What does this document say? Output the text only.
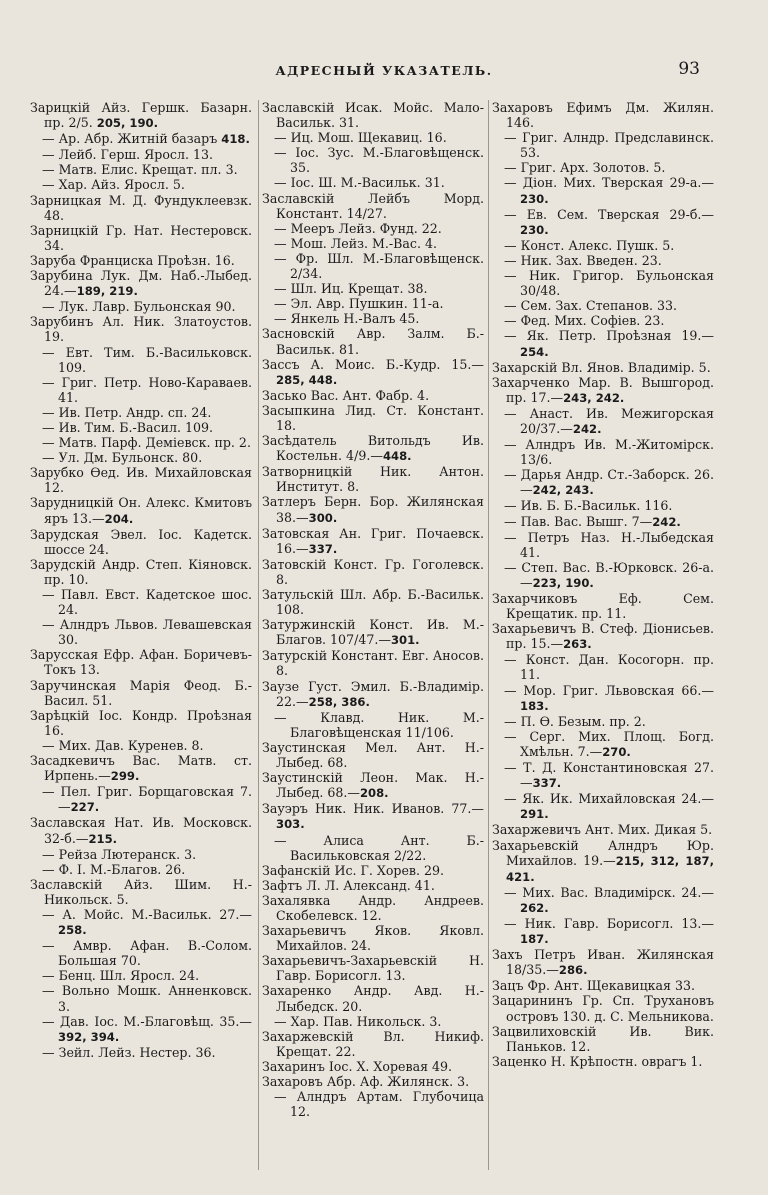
АДРЕСНЫЙ УКАЗАТЕЛЬ.	93
Зарицкій Айз. Гершк. Базарн. пр. 2/5. 205, 190.
— Ар. Абр. Житній базаръ 418.
— Лейб. Герш. Яросл. 13.
— Матв. Елис. Крещат. пл. 3.
— Хар. Айз. Яросл. 5.
Зарницкая М. Д. Фундуклеевзк. 48.
Зарницкій Гр. Нат. Нестеровск. 34.
Заруба Франциска Проѣзн. 16.
Зарубина Лук. Дм. Наб.-Лыбед. 24.—189, 219.
— Лук. Лавр. Бульонская 90.
Зарубинъ Ал. Ник. Златоустов. 19.
— Евт. Тим. Б.-Васильковск. 109.
— Григ. Петр. Ново-Караваев. 41.
— Ив. Петр. Андр. сп. 24.
— Ив. Тим. Б.-Васил. 109.
— Матв. Парф. Деміевск. пр. 2.
— Ул. Дм. Бульонск. 80.
Зарубко Өед. Ив. Михайловская 12.
Зарудницкій Он. Алекс. Кмитовъ яръ 13.—204.
Зарудская Эвел. Іос. Кадетск. шоссе 24.
Зарудскій Андр. Степ. Кіяновск. пр. 10.
— Павл. Евст. Кадетское шос. 24.
— Алндръ Львов. Левашевская 30.
Зарусская Ефр. Афан. Боричевъ-Токъ 13.
Заручинская Марія Феод. Б.-Васил. 51.
Зарѣцкій Іос. Кондр. Проѣзная 16.
— Мих. Дав. Куренев. 8.
Засадкевичъ Вас. Матв. ст. Ирпень.—299.
— Пел. Григ. Борщаговская 7.—227.
Заславская Нат. Ив. Московск. 32-б.—215.
— Рейза Лютеранск. 3.
— Ф. I. М.-Благов. 26.
Заславскій Айз. Шим. Н.-Никольск. 5.
— А. Мойс. М.-Васильк. 27.—258.
— Амвр. Афан. В.-Солом. Большая 70.
— Бенц. Шл. Яросл. 24.
— Вольно Мошк. Анненковск. 3.
— Дав. Іос. М.-Благовѣщ. 35.—392, 394.
— Зейл. Лейз. Нестер. 36.
Заславскій Исак. Мойс. Мало-Васильк. 31.
— Иц. Мош. Щекавиц. 16.
— Іос. Зус. М.-Благовѣщенск. 35.
— Іос. Ш. М.-Васильк. 31.
Заславскій Лейбъ Морд. Констант. 14/27.
— Мееръ Лейз. Фунд. 22.
— Мош. Лейз. М.-Вас. 4.
— Фр. Шл. М.-Благовѣщенск. 2/34.
— Шл. Иц. Крещат. 38.
— Эл. Авр. Пушкин. 11-а.
— Янкель Н.-Валъ 45.
Засновскій Авр. Залм. Б.-Васильк. 81.
Зассъ А. Моис. Б.-Кудр. 15.—285, 448.
Засько Вас. Ант. Фабр. 4.
Засыпкина Лид. Ст. Констант. 18.
Засѣдатель Витольдъ Ив. Костельн. 4/9.—448.
Затворницкій Ник. Антон. Институт. 8.
Затлеръ Берн. Бор. Жилянская 38.—300.
Затовская Ан. Григ. Почаевск. 16.—337.
Затовскій Конст. Гр. Гоголевск. 8.
Затульскій Шл. Абр. Б.-Васильк. 108.
Затуржинскій Конст. Ив. М.-Благов. 107/47.—301.
Затурскій Констант. Евг. Аносов. 8.
Заузе Густ. Эмил. Б.-Владимір. 22.—258, 386.
— Клавд. Ник. М.-Благовѣщенская 11/106.
Заустинская Мел. Ант. Н.-Лыбед. 68.
Заустинскій Леон. Мак. Н.-Лыбед. 68.—208.
Зауэръ Ник. Ник. Иванов. 77.—303.
— Алиса Ант. Б.-Васильковская 2/22.
Зафанскій Ис. Г. Хорев. 29.
Зафтъ Л. Л. Александ. 41.
Захалявка Андр. Андреев. Скобелевск. 12.
Захарьевичъ Яков. Яковл. Михайлов. 24.
Захарьевичъ-Захарьевскій Н. Гавр. Борисогл. 13.
Захаренко Андр. Авд. Н.-Лыбедск. 20.
— Хар. Пав. Никольск. 3.
Захаржевскій Вл. Никиф. Крещат. 22.
Захаринъ Іос. Х. Хоревая 49.
Захаровъ Абр. Аф. Жилянск. 3.
— Алндръ Артам. Глубочица 12.
Захаровъ Ефимъ Дм. Жилян. 146.
— Григ. Алндр. Предславинск. 53.
— Григ. Арх. Золотов. 5.
— Діон. Мих. Тверская 29-а.—230.
— Ев. Сем. Тверская 29-б.—230.
— Конст. Алекс. Пушк. 5.
— Ник. Зах. Введен. 23.
— Ник. Григор. Бульонская 30/48.
— Сем. Зах. Степанов. 33.
— Фед. Мих. Софіев. 23.
— Як. Петр. Проѣзная 19.—254.
Захарскій Вл. Янов. Владимір. 5.
Захарченко Мар. В. Вышгород. пр. 17.—243, 242.
— Анаст. Ив. Межигорская 20/37.—242.
— Алндръ Ив. М.-Житомірск. 13/6.
— Дарья Андр. Ст.-Заборск. 26.—242, 243.
— Ив. Б. Б.-Васильк. 116.
— Пав. Вас. Вышг. 7—242.
— Петръ Наз. Н.-Лыбедская 41.
— Степ. Вас. В.-Юрковск. 26-а.—223, 190.
Захарчиковъ Еф. Сем. Крещатик. пр. 11.
Захарьевичъ В. Стеф. Діонисьев. пр. 15.—263.
— Конст. Дан. Косогорн. пр. 11.
— Мор. Григ. Львовская 66.—183.
— П. Ѳ. Безым. пр. 2.
— Серг. Мих. Площ. Богд. Хмѣльн. 7.—270.
— Т. Д. Константиновская 27.—337.
— Як. Ик. Михайловская 24.—291.
Захаржевичъ Ант. Мих. Дикая 5.
Захарьевскій Алндръ Юр. Михайлов. 19.—215, 312, 187, 421.
— Мих. Вас. Владимірск. 24.—262.
— Ник. Гавр. Борисогл. 13.—187.
Захъ Петръ Иван. Жилянская 18/35.—286.
Зацъ Фр. Ант. Щекавицкая 33.
Зацарининъ Гр. Сп. Трухановъ островъ 130. д. С. Мельникова.
Зацвилиховскій Ив. Вик. Паньков. 12.
Заценко Н. Крѣпостн. оврагъ 1.
